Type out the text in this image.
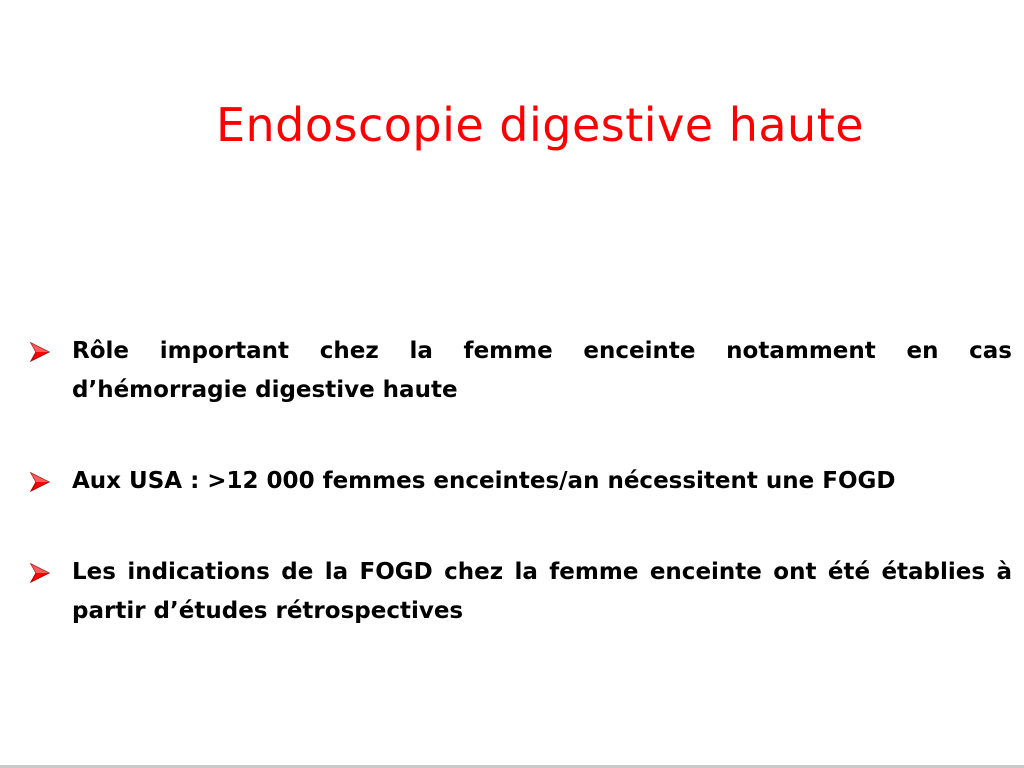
Endoscopie digestive haute
Rôle important chez la femme enceinte notamment en cas d’hémorragie digestive haute
Aux USA : >12 000 femmes enceintes/an nécessitent une FOGD
Les indications de la FOGD chez la femme enceinte ont été établies à partir d’études rétrospectives
